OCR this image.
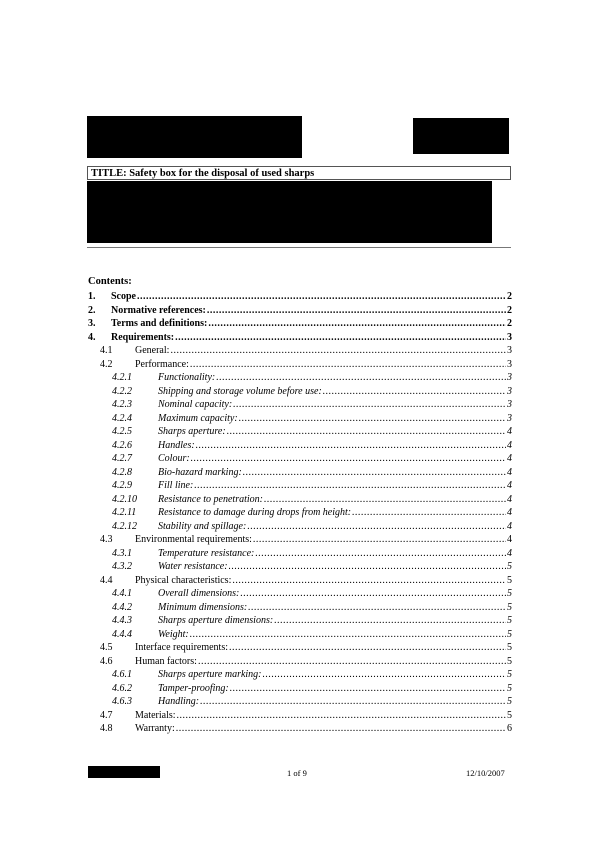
TITLE: Safety box for the disposal of used sharps
Contents:
1.	Scope .....	2
2.	Normative references: .....	2
3.	Terms and definitions: .....	2
4.	Requirements: .....	3
4.1	General: .....	3
4.2	Performance: .....	3
4.2.1	Functionality: .....	3
4.2.2	Shipping and storage volume before use: .....	3
4.2.3	Nominal capacity: .....	3
4.2.4	Maximum capacity: .....	3
4.2.5	Sharps aperture: .....	4
4.2.6	Handles: .....	4
4.2.7	Colour: .....	4
4.2.8	Bio-hazard marking: .....	4
4.2.9	Fill line: .....	4
4.2.10	Resistance to penetration: .....	4
4.2.11	Resistance to damage during drops from height: .....	4
4.2.12	Stability and spillage: .....	4
4.3	Environmental requirements: .....	4
4.3.1	Temperature resistance: .....	4
4.3.2	Water resistance: .....	5
4.4	Physical characteristics: .....	5
4.4.1	Overall dimensions: .....	5
4.4.2	Minimum dimensions: .....	5
4.4.3	Sharps aperture dimensions: .....	5
4.4.4	Weight: .....	5
4.5	Interface requirements: .....	5
4.6	Human factors: .....	5
4.6.1	Sharps aperture marking: .....	5
4.6.2	Tamper-proofing: .....	5
4.6.3	Handling: .....	5
4.7	Materials: .....	5
4.8	Warranty: .....	6
1 of 9	12/10/2007
